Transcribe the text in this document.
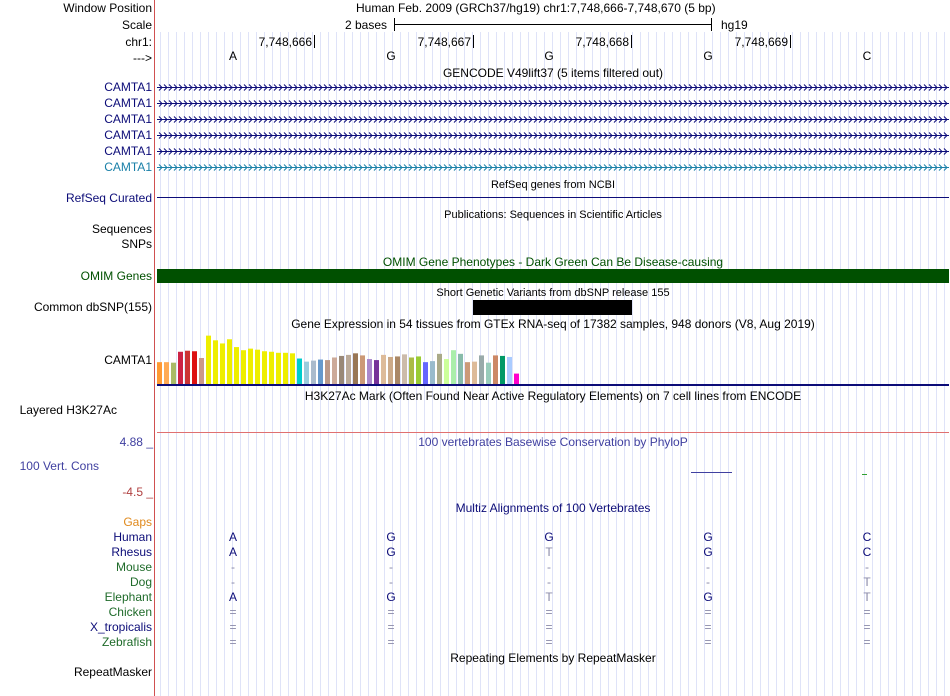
Window Position
Scale
chr1:
--->
Human Feb. 2009 (GRCh37/hg19) chr1:7,748,666-7,748,670 (5 bp)
2 bases	hg19
7,748,666	7,748,667	7,748,668	7,748,669
A	G	G	G	C
GENCODE V49lift37 (5 items filtered out)
CAMTA1
CAMTA1
CAMTA1
CAMTA1
CAMTA1
CAMTA1
RefSeq genes from NCBI
RefSeq Curated
Publications: Sequences in Scientific Articles
Sequences
SNPs
OMIM Gene Phenotypes - Dark Green Can Be Disease-causing
OMIM Genes
Short Genetic Variants from dbSNP release 155
Common dbSNP(155)
Gene Expression in 54 tissues from GTEx RNA-seq of 17382 samples, 948 donors (V8, Aug 2019)
CAMTA1
H3K27Ac Mark (Often Found Near Active Regulatory Elements) on 7 cell lines from ENCODE
Layered H3K27Ac
4.88 _	100 vertebrates Basewise Conservation by PhyloP
100 Vert. Cons
-4.5 _
Multiz Alignments of 100 Vertebrates
Gaps
Human	A	G	G	G	C
Rhesus	A	G	T	G	C
Mouse	-	-	-	-	-
Dog	-	-	-	-	T
Elephant	A	G	T	G	T
Chicken	=	=	=	=	=
X_tropicalis	=	=	=	=	=
Zebrafish	=	=	=	=	=
Repeating Elements by RepeatMasker
RepeatMasker
